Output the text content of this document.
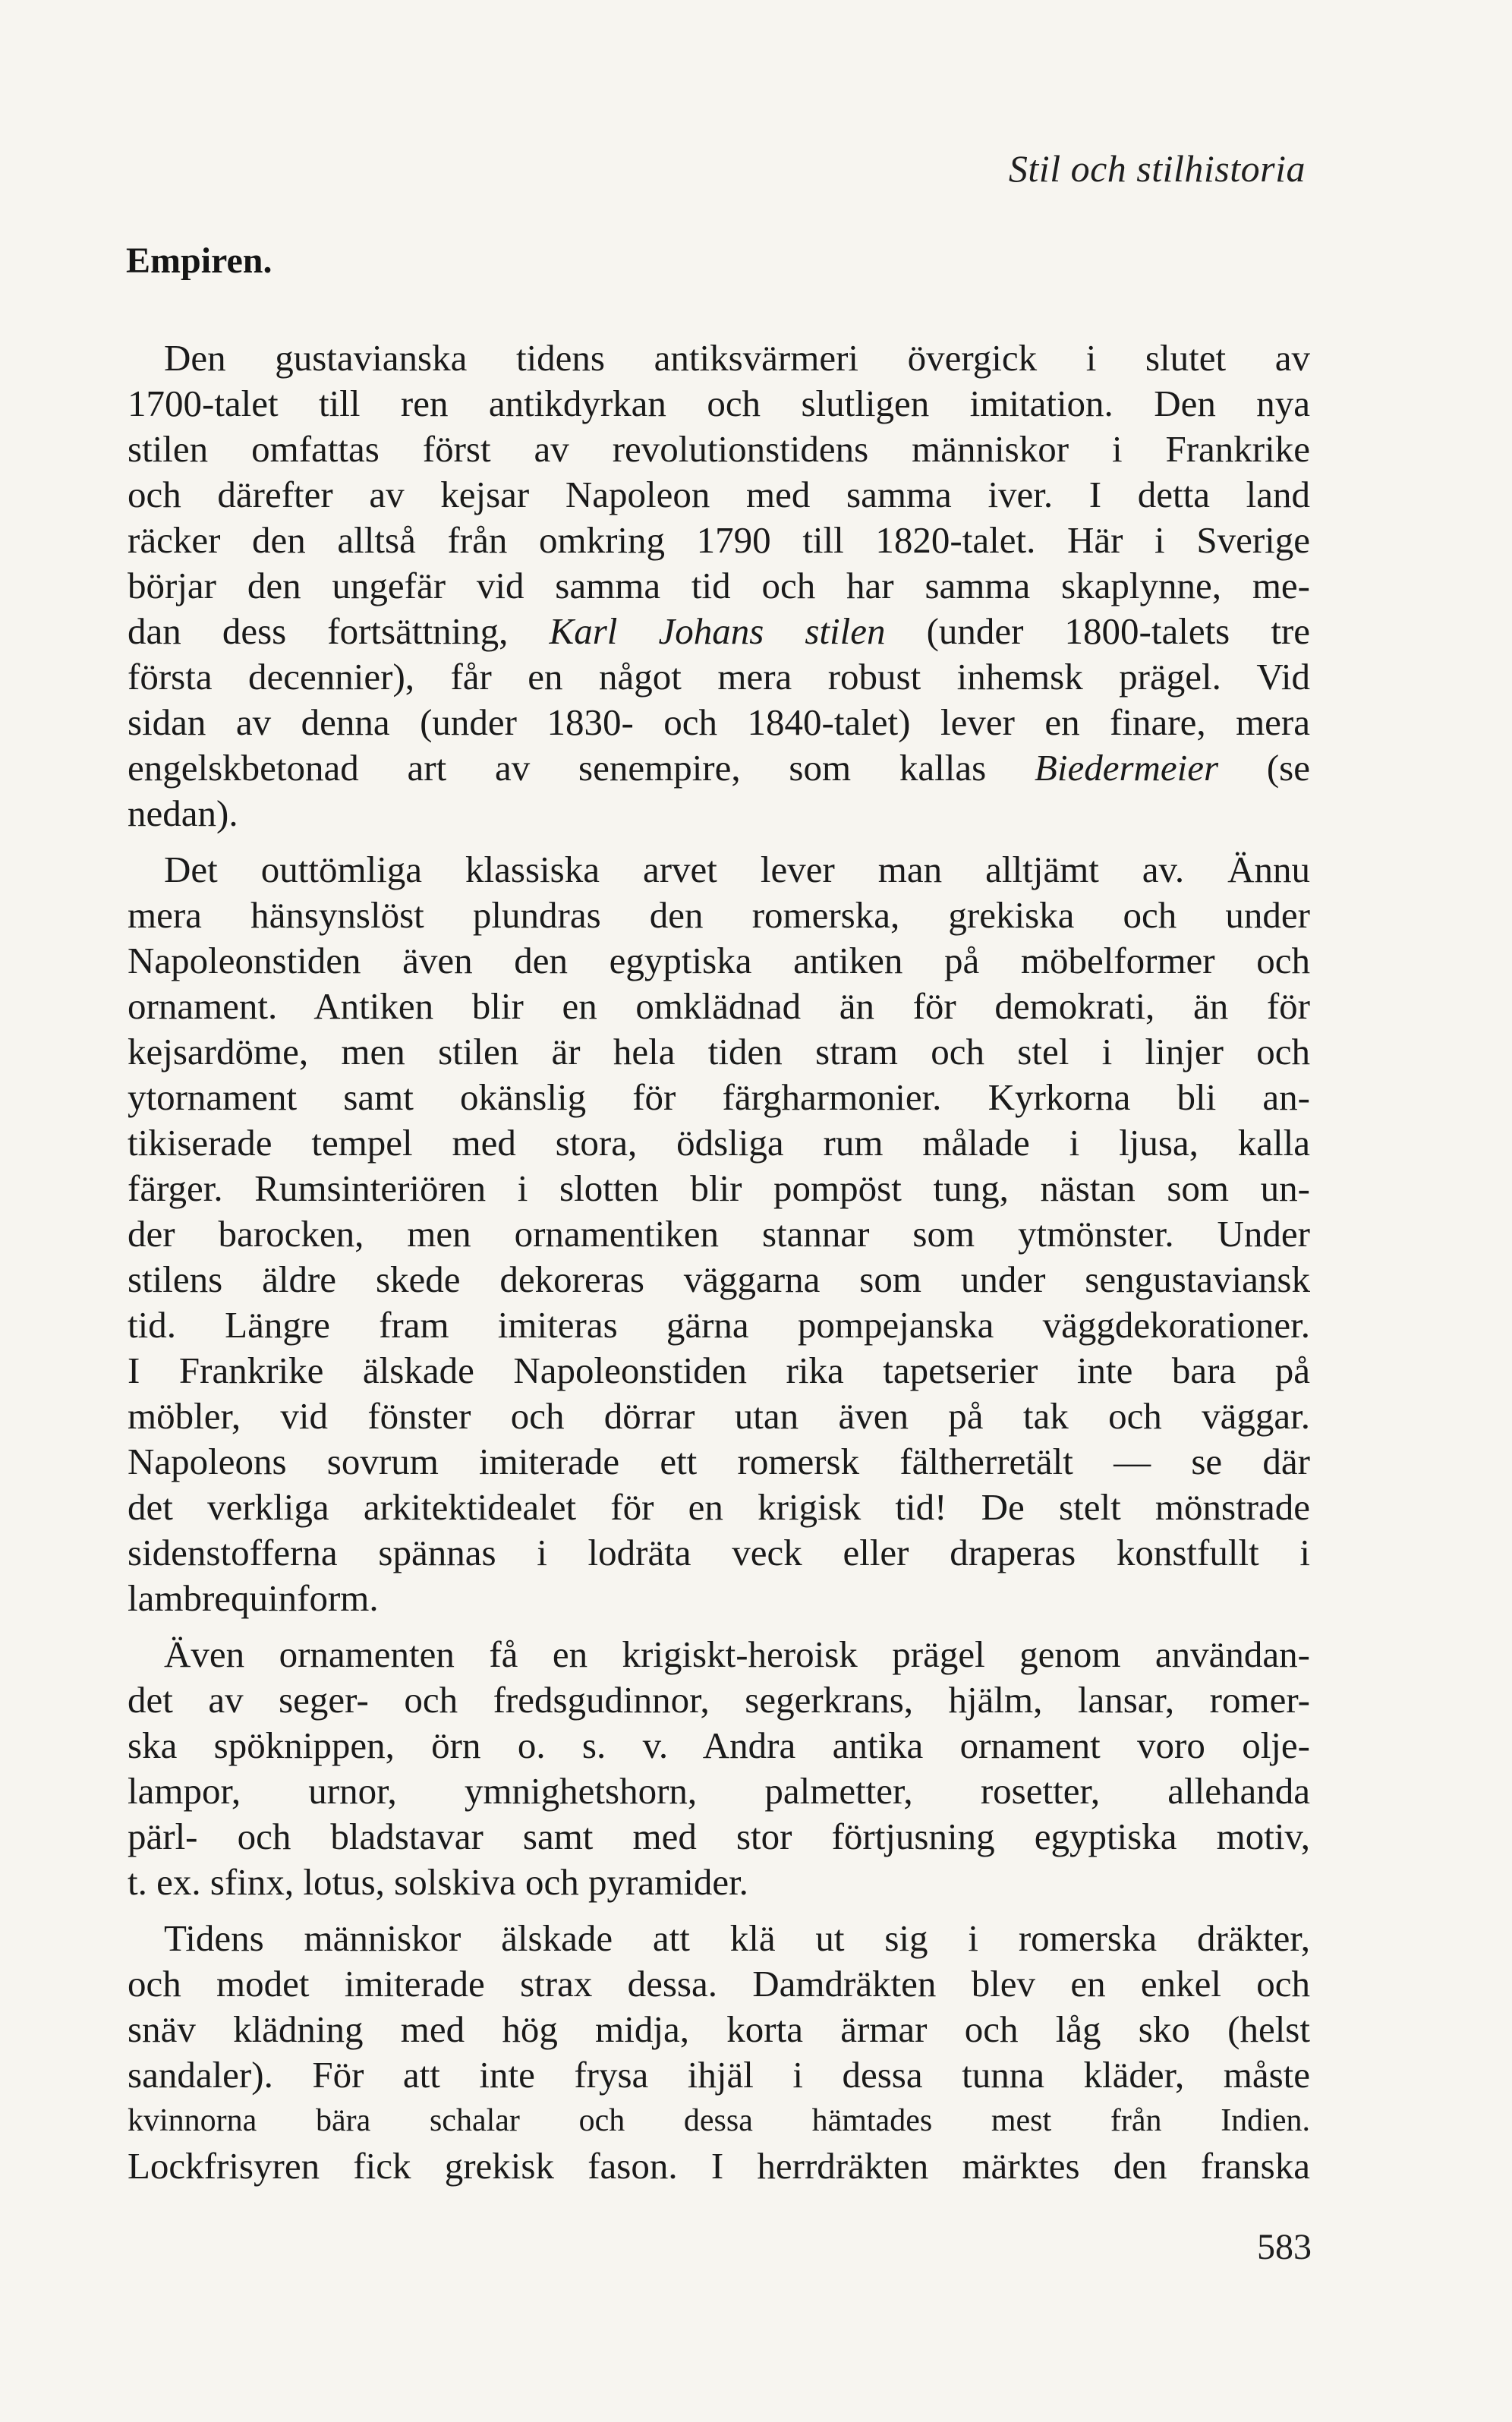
Stil och stilhistoria
Empiren.
Den gustavianska tidens antiksvärmeri övergick i slutet av
1700-talet till ren antikdyrkan och slutligen imitation. Den nya
stilen omfattas först av revolutionstidens människor i Frankrike
och därefter av kejsar Napoleon med samma iver. I detta land
räcker den alltså från omkring 1790 till 1820-talet. Här i Sverige
börjar den ungefär vid samma tid och har samma skaplynne, me-
dan dess fortsättning, Karl Johans stilen (under 1800-talets tre
första decennier), får en något mera robust inhemsk prägel. Vid
sidan av denna (under 1830- och 1840-talet) lever en finare, mera
engelskbetonad art av senempire, som kallas Biedermeier (se
nedan).
Det outtömliga klassiska arvet lever man alltjämt av. Ännu
mera hänsynslöst plundras den romerska, grekiska och under
Napoleonstiden även den egyptiska antiken på möbelformer och
ornament. Antiken blir en omklädnad än för demokrati, än för
kejsardöme, men stilen är hela tiden stram och stel i linjer och
ytornament samt okänslig för färgharmonier. Kyrkorna bli an-
tikiserade tempel med stora, ödsliga rum målade i ljusa, kalla
färger. Rumsinteriören i slotten blir pompöst tung, nästan som un-
der barocken, men ornamentiken stannar som ytmönster. Under
stilens äldre skede dekoreras väggarna som under sengustaviansk
tid. Längre fram imiteras gärna pompejanska väggdekorationer.
I Frankrike älskade Napoleonstiden rika tapetserier inte bara på
möbler, vid fönster och dörrar utan även på tak och väggar.
Napoleons sovrum imiterade ett romersk fältherretält — se där
det verkliga arkitektidealet för en krigisk tid! De stelt mönstrade
sidenstofferna spännas i lodräta veck eller draperas konstfullt i
lambrequinform.
Även ornamenten få en krigiskt-heroisk prägel genom användan-
det av seger- och fredsgudinnor, segerkrans, hjälm, lansar, romer-
ska spöknippen, örn o. s. v. Andra antika ornament voro olje-
lampor, urnor, ymnighetshorn, palmetter, rosetter, allehanda
pärl- och bladstavar samt med stor förtjusning egyptiska motiv,
t. ex. sfinx, lotus, solskiva och pyramider.
Tidens människor älskade att klä ut sig i romerska dräkter,
och modet imiterade strax dessa. Damdräkten blev en enkel och
snäv klädning med hög midja, korta ärmar och låg sko (helst
sandaler). För att inte frysa ihjäl i dessa tunna kläder, måste
kvinnorna bära schalar och dessa hämtades mest från Indien.
Lockfrisyren fick grekisk fason. I herrdräkten märktes den franska
583
